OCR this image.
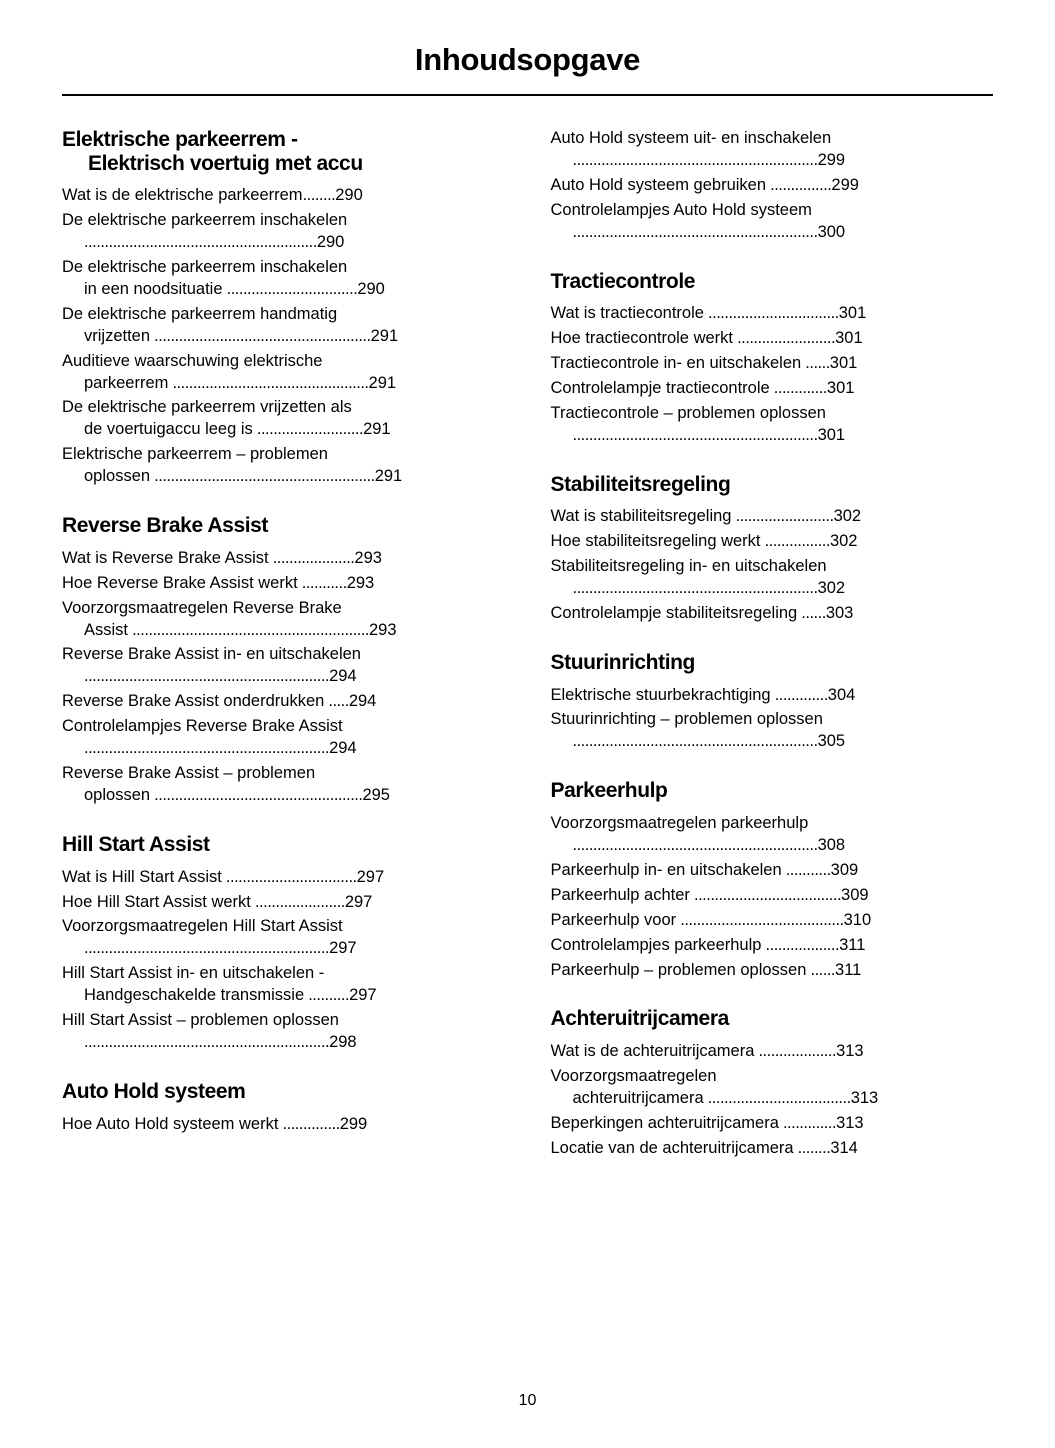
Inhoudsopgave
Elektrische parkeerrem -
Elektrisch voertuig met accu
Wat is de elektrische parkeerrem........290
De elektrische parkeerrem inschakelen
.........................................................290
De elektrische parkeerrem inschakelen
in een noodsituatie ................................290
De elektrische parkeerrem handmatig
vrijzetten .....................................................291
Auditieve waarschuwing elektrische
parkeerrem ................................................291
De elektrische parkeerrem vrijzetten als
de voertuigaccu leeg is ..........................291
Elektrische parkeerrem – problemen
oplossen ......................................................291
Reverse Brake Assist
Wat is Reverse Brake Assist ....................293
Hoe Reverse Brake Assist werkt ...........293
Voorzorgsmaatregelen Reverse Brake
Assist ..........................................................293
Reverse Brake Assist in- en uitschakelen
............................................................294
Reverse Brake Assist onderdrukken .....294
Controlelampjes Reverse Brake Assist
............................................................294
Reverse Brake Assist – problemen
oplossen ...................................................295
Hill Start Assist
Wat is Hill Start Assist ................................297
Hoe Hill Start Assist werkt ......................297
Voorzorgsmaatregelen Hill Start Assist
............................................................297
Hill Start Assist in- en uitschakelen -
Handgeschakelde transmissie ..........297
Hill Start Assist – problemen oplossen
............................................................298
Auto Hold systeem
Hoe Auto Hold systeem werkt ..............299
Auto Hold systeem uit- en inschakelen
............................................................299
Auto Hold systeem gebruiken ...............299
Controlelampjes Auto Hold systeem
............................................................300
Tractiecontrole
Wat is tractiecontrole ................................301
Hoe tractiecontrole werkt ........................301
Tractiecontrole in- en uitschakelen ......301
Controlelampje tractiecontrole .............301
Tractiecontrole – problemen oplossen
............................................................301
Stabiliteitsregeling
Wat is stabiliteitsregeling ........................302
Hoe stabiliteitsregeling werkt ................302
Stabiliteitsregeling in- en uitschakelen
............................................................302
Controlelampje stabiliteitsregeling ......303
Stuurinrichting
Elektrische stuurbekrachtiging .............304
Stuurinrichting – problemen oplossen
............................................................305
Parkeerhulp
Voorzorgsmaatregelen parkeerhulp
............................................................308
Parkeerhulp in- en uitschakelen ...........309
Parkeerhulp achter ....................................309
Parkeerhulp voor ........................................310
Controlelampjes parkeerhulp ..................311
Parkeerhulp – problemen oplossen ......311
Achteruitrijcamera
Wat is de achteruitrijcamera ...................313
Voorzorgsmaatregelen
achteruitrijcamera ...................................313
Beperkingen achteruitrijcamera .............313
Locatie van de achteruitrijcamera ........314
10
